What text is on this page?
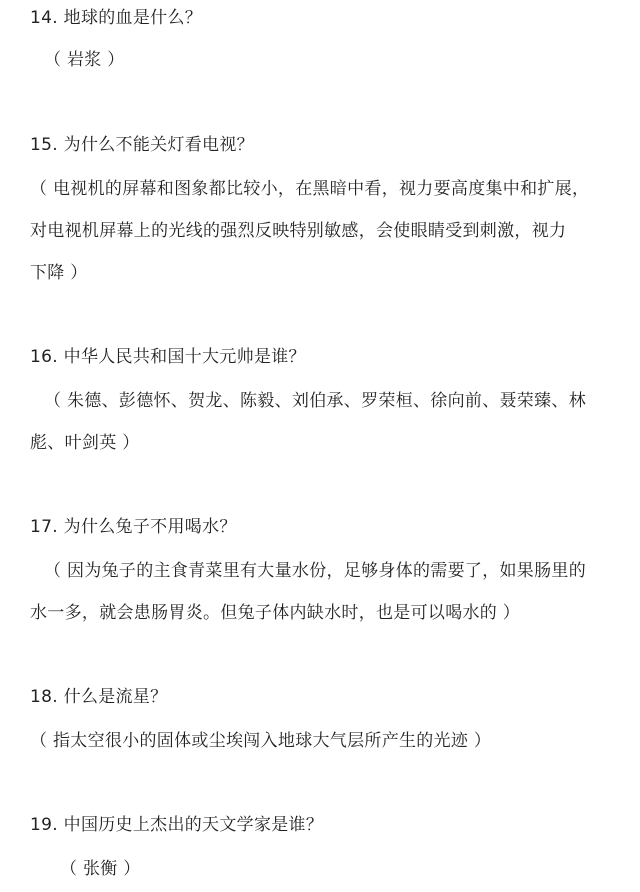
14. 地球的血是什么？
（ 岩浆 ）
15. 为什么不能关灯看电视？
（ 电视机的屏幕和图象都比较小，在黑暗中看，视力要高度集中和扩展，
对电视机屏幕上的光线的强烈反映特别敏感，会使眼睛受到刺激，视力
下降 ）
16. 中华人民共和国十大元帅是谁？
（ 朱德、彭德怀、贺龙、陈毅、刘伯承、罗荣桓、徐向前、聂荣臻、林
彪、叶剑英 ）
17. 为什么兔子不用喝水？
（ 因为兔子的主食青菜里有大量水份，足够身体的需要了，如果肠里的
水一多，就会患肠胃炎。但兔子体内缺水时，也是可以喝水的 ）
18. 什么是流星？
（ 指太空很小的固体或尘埃闯入地球大气层所产生的光迹 ）
19. 中国历史上杰出的天文学家是谁？
（ 张衡 ）
